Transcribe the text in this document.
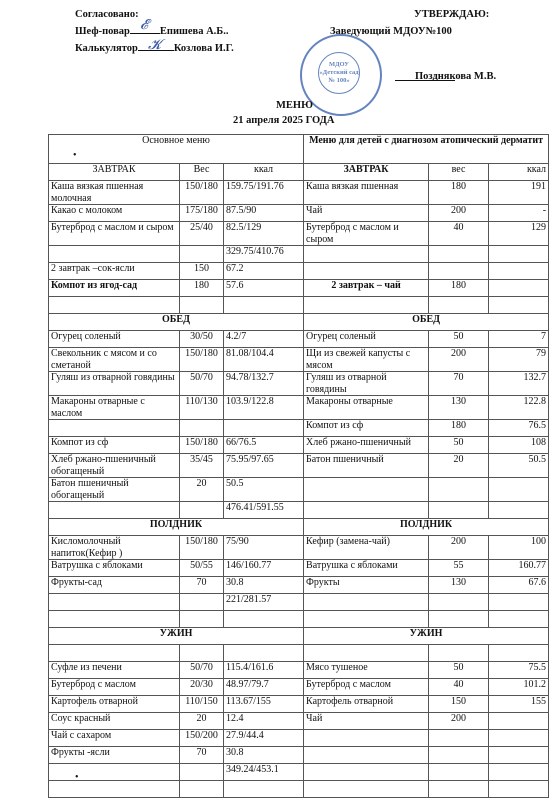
Согласовано:
Шеф-повар	Епишева А.Б..
Калькулятор	Козлова И.Г.
𝓔
𝓚
УТВЕРЖДАЮ:
Заведующий МДОУ№100
Позднякова М.В.
МДОУ «Детский сад № 100»
МЕНЮ
21 апреля 2025 ГОДА
Основное меню			Меню для детей с диагнозом атопический дерматит		
ЗАВТРАК	Вес	ккал	ЗАВТРАК	вес	ккал
Каша вязкая пшенная молочная	150/180	159.75/191.76	Каша вязкая пшенная	180	191
Какао с молоком	175/180	87.5/90	Чай	200	-
Бутерброд с маслом и сыром	25/40	82.5/129	Бутерброд с маслом и сыром	40	129
		329.75/410.76			
2 завтрак –сок-ясли	150	67.2			
Компот из ягод-сад	180	57.6	2 завтрак – чай	180	

ОБЕД			ОБЕД		
Огурец соленый	30/50	4.2/7	Огурец соленый	50	7
Свекольник с мясом и со сметаной	150/180	81.08/104.4	Щи из свежей капусты с мясом	200	79
Гуляш из отварной говядины	50/70	94.78/132.7	Гуляш из отварной говядины	70	132.7
Макароны отварные с маслом	110/130	103.9/122.8	Макароны отварные	130	122.8
			Компот из сф	180	76.5
Компот из сф	150/180	66/76.5	Хлеб ржано-пшеничный	50	108
Хлеб ржано-пшеничный обогащеный	35/45	75.95/97.65	Батон пшеничный	20	50.5
Батон пшеничный обогащеный	20	50.5			
		476.41/591.55			
ПОЛДНИК			ПОЛДНИК		
Кисломолочный напиток(Кефир )	150/180	75/90	Кефир (замена-чай)	200	100
Ватрушка с яблоками	50/55	146/160.77	Ватрушка с яблоками	55	160.77
Фрукты-сад	70	30.8	Фрукты	130	67.6
		221/281.57			

УЖИН			УЖИН		

Суфле из печени	50/70	115.4/161.6	Мясо тушеное	50	75.5
Бутерброд с маслом	20/30	48.97/79.7	Бутерброд с маслом	40	101.2
Картофель отварной	110/150	113.67/155	Картофель отварной	150	155
Соус красный	20	12.4	Чай	200	
Чай с сахаром	150/200	27.9/44.4			
Фрукты -ясли	70	30.8			
		349.24/453.1			

•
•
